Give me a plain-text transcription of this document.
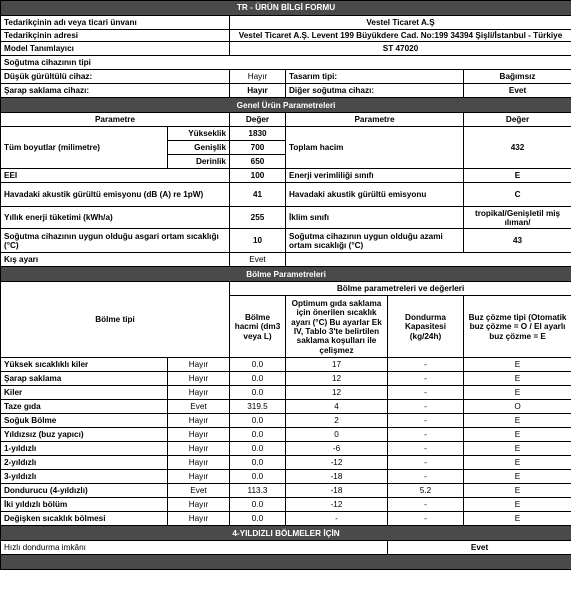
TR - ÜRÜN BİLGİ FORMU					
Tedarikçinin adı veya ticari ünvanı		Vestel Ticaret A.Ş			
Tedarikçinin adresi		Vestel Ticaret A.Ş. Levent 199 Büyükdere Cad. No:199 34394 Şişli/İstanbul - Türkiye			
Model Tanımlayıcı		ST 47020			
Soğutma cihazının tipi					
Düşük gürültülü cihaz:		Hayır	Tasarım tipi:		Bağımsız
Şarap saklama cihazı:		Hayır	Diğer soğutma cihazı:		Evet
Genel Ürün Parametreleri					
Parametre		Değer	Parametre		Değer
Tüm boyutlar (milimetre)	Yükseklik	1830	Toplam hacim		432
	Genişlik	700			
	Derinlik	650			
EEI		100	Enerji verimliliği sınıfı		E
Havadaki akustik gürültü emisyonu (dB (A) re 1pW)		41	Havadaki akustik gürültü emisyonu		C
Yıllık enerji tüketimi (kWh/a)		255	İklim sınıfı		tropikal/Genişletil miş ılıman/
Soğutma cihazının uygun olduğu asgari ortam sıcaklığı (°C)		10	Soğutma cihazının uygun olduğu azami ortam sıcaklığı (°C)		43
Kış ayarı		Evet			
Bölme Parametreleri					
Bölme tipi		Bölme parametreleri ve değerleri			
		Bölme hacmi (dm3 veya L)	Optimum gıda saklama için önerilen sıcaklık ayarı (°C) Bu ayarlar Ek IV, Tablo 3'te belirtilen saklama koşulları ile çelişmez	Dondurma Kapasitesi (kg/24h)	Buz çözme tipi (Otomatik buz çözme = O / El ayarlı buz çözme = E
Yüksek sıcaklıklı kiler	Hayır	0.0	17	-	E
Şarap saklama	Hayır	0.0	12	-	E
Kiler	Hayır	0.0	12	-	E
Taze gıda	Evet	319.5	4	-	O
Soğuk Bölme	Hayır	0.0	2	-	E
Yıldızsız (buz yapıcı)	Hayır	0.0	0	-	E
1-yıldızlı	Hayır	0.0	-6	-	E
2-yıldızlı	Hayır	0.0	-12	-	E
3-yıldızlı	Hayır	0.0	-18	-	E
Dondurucu (4-yıldızlı)	Evet	113.3	-18	5.2	E
İki yıldızlı bölüm	Hayır	0.0	-12	-	E
Değişken sıcaklık bölmesi	Hayır	0.0	-	-	E
4-YILDIZLI BÖLMELER İÇİN					
Hızlı dondurma imkânı				Evet	
